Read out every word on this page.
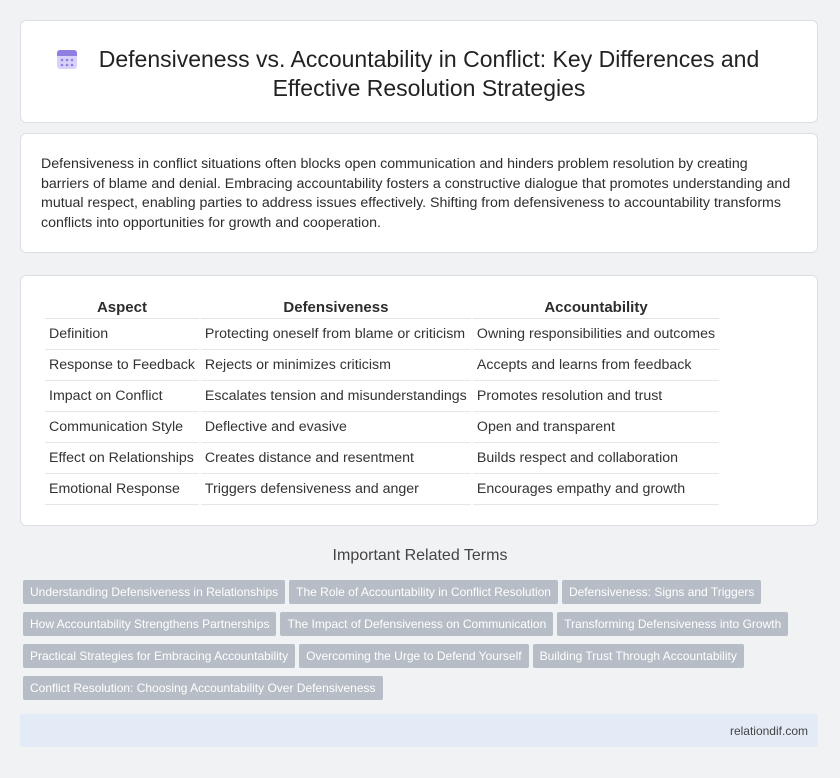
Defensiveness vs. Accountability in Conflict: Key Differences and Effective Resolution Strategies

Defensiveness in conflict situations often blocks open communication and hinders problem resolution by creating barriers of blame and denial. Embracing accountability fosters a constructive dialogue that promotes understanding and mutual respect, enabling parties to address issues effectively. Shifting from defensiveness to accountability transforms conflicts into opportunities for growth and cooperation.

Aspect	Defensiveness	Accountability
Definition	Protecting oneself from blame or criticism	Owning responsibilities and outcomes
Response to Feedback	Rejects or minimizes criticism	Accepts and learns from feedback
Impact on Conflict	Escalates tension and misunderstandings	Promotes resolution and trust
Communication Style	Deflective and evasive	Open and transparent
Effect on Relationships	Creates distance and resentment	Builds respect and collaboration
Emotional Response	Triggers defensiveness and anger	Encourages empathy and growth
Important Related Terms
Understanding Defensiveness in Relationships The Role of Accountability in Conflict Resolution Defensiveness: Signs and Triggers
How Accountability Strengthens Partnerships The Impact of Defensiveness on Communication Transforming Defensiveness into Growth
Practical Strategies for Embracing Accountability Overcoming the Urge to Defend Yourself Building Trust Through Accountability
Conflict Resolution: Choosing Accountability Over Defensiveness
relationdif.com
